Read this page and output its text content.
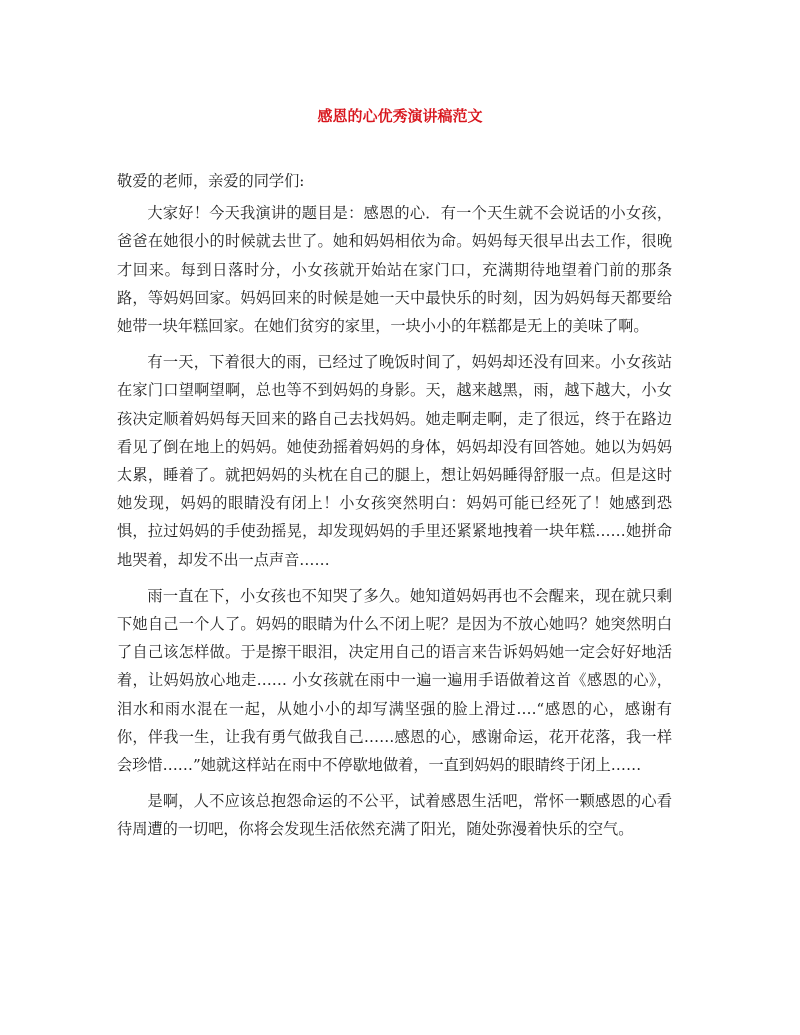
感恩的心优秀演讲稿范文

敬爱的老师，亲爱的同学们:

大家好！今天我演讲的题目是：感恩的心．有一个天生就不会说话的小女孩，爸爸在她很小的时候就去世了。她和妈妈相依为命。妈妈每天很早出去工作，很晚才回来。每到日落时分，小女孩就开始站在家门口，充满期待地望着门前的那条路，等妈妈回家。妈妈回来的时候是她一天中最快乐的时刻，因为妈妈每天都要给她带一块年糕回家。在她们贫穷的家里，一块小小的年糕都是无上的美味了啊。

有一天，下着很大的雨，已经过了晚饭时间了，妈妈却还没有回来。小女孩站在家门口望啊望啊，总也等不到妈妈的身影。天，越来越黑，雨，越下越大，小女孩决定顺着妈妈每天回来的路自己去找妈妈。她走啊走啊，走了很远，终于在路边看见了倒在地上的妈妈。她使劲摇着妈妈的身体，妈妈却没有回答她。她以为妈妈太累，睡着了。就把妈妈的头枕在自己的腿上，想让妈妈睡得舒服一点。但是这时她发现，妈妈的眼睛没有闭上！小女孩突然明白：妈妈可能已经死了！她感到恐惧，拉过妈妈的手使劲摇晃，却发现妈妈的手里还紧紧地拽着一块年糕……她拼命地哭着，却发不出一点声音……

雨一直在下，小女孩也不知哭了多久。她知道妈妈再也不会醒来，现在就只剩下她自己一个人了。妈妈的眼睛为什么不闭上呢？是因为不放心她吗？她突然明白了自己该怎样做。于是擦干眼泪，决定用自己的语言来告诉妈妈她一定会好好地活着，让妈妈放心地走…… 小女孩就在雨中一遍一遍用手语做着这首《感恩的心》，泪水和雨水混在一起，从她小小的却写满坚强的脸上滑过….“感恩的心，感谢有你，伴我一生，让我有勇气做我自己……感恩的心，感谢命运，花开花落，我一样会珍惜……”她就这样站在雨中不停歇地做着，一直到妈妈的眼睛终于闭上……

是啊，人不应该总抱怨命运的不公平，试着感恩生活吧，常怀一颗感恩的心看待周遭的一切吧，你将会发现生活依然充满了阳光，随处弥漫着快乐的空气。
